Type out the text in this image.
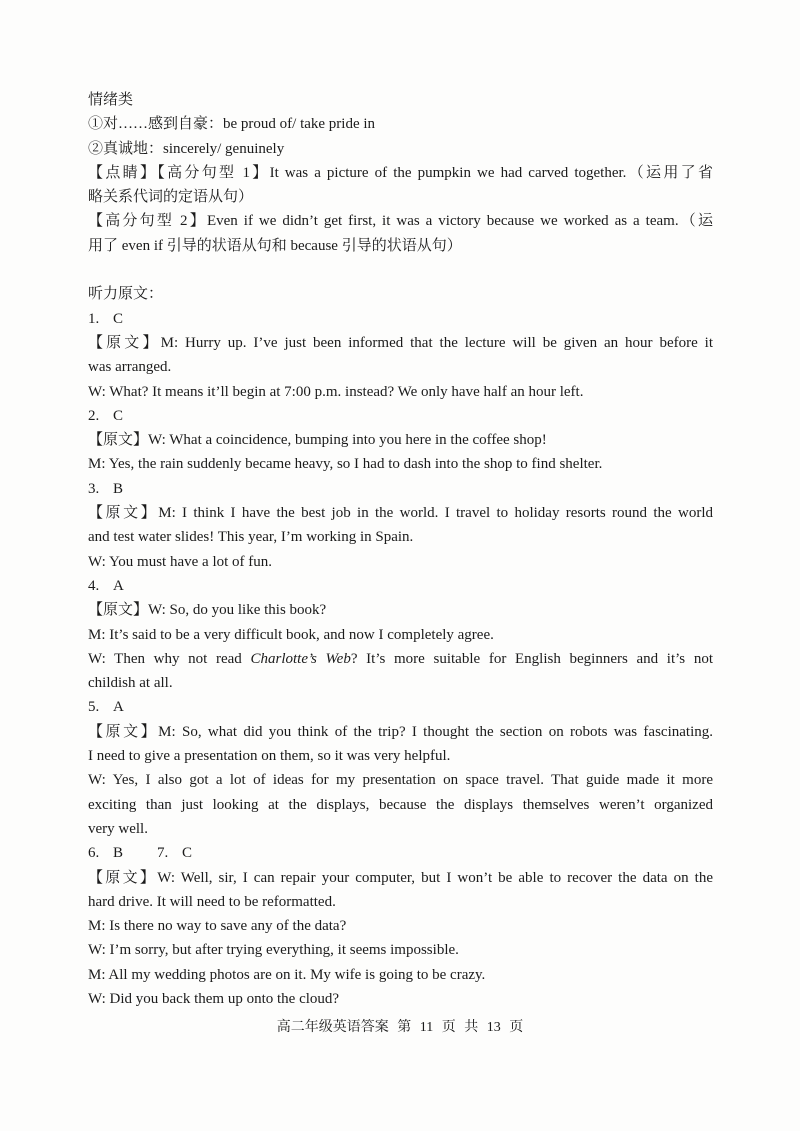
情绪类
①对……感到自豪：be proud of/ take pride in
②真诚地：sincerely/ genuinely
【点睛】【高分句型 1】It was a picture of the pumpkin we had carved together.（运用了省
略关系代词的定语从句）
【高分句型 2】Even if we didn’t get first, it was a victory because we worked as a team.（运
用了 even if 引导的状语从句和 because 引导的状语从句）
听力原文：
1. C
【原文】M: Hurry up. I’ve just been informed that the lecture will be given an hour before it
was arranged.
W: What? It means it’ll begin at 7:00 p.m. instead? We only have half an hour left.
2. C
【原文】W: What a coincidence, bumping into you here in the coffee shop!
M: Yes, the rain suddenly became heavy, so I had to dash into the shop to find shelter.
3. B
【原文】M: I think I have the best job in the world. I travel to holiday resorts round the world
and test water slides! This year, I’m working in Spain.
W: You must have a lot of fun.
4. A
【原文】W: So, do you like this book?
M: It’s said to be a very difficult book, and now I completely agree.
W: Then why not read Charlotte’s Web? It’s more suitable for English beginners and it’s not
childish at all.
5. A
【原文】M: So, what did you think of the trip? I thought the section on robots was fascinating.
I need to give a presentation on them, so it was very helpful.
W: Yes, I also got a lot of ideas for my presentation on space travel. That guide made it more
exciting than just looking at the displays, because the displays themselves weren’t organized
very well.
6. B 7. C
【原文】W: Well, sir, I can repair your computer, but I won’t be able to recover the data on the
hard drive. It will need to be reformatted.
M: Is there no way to save any of the data?
W: I’m sorry, but after trying everything, it seems impossible.
M: All my wedding photos are on it. My wife is going to be crazy.
W: Did you back them up onto the cloud?
高二年级英语答案 第 11 页 共 13 页
